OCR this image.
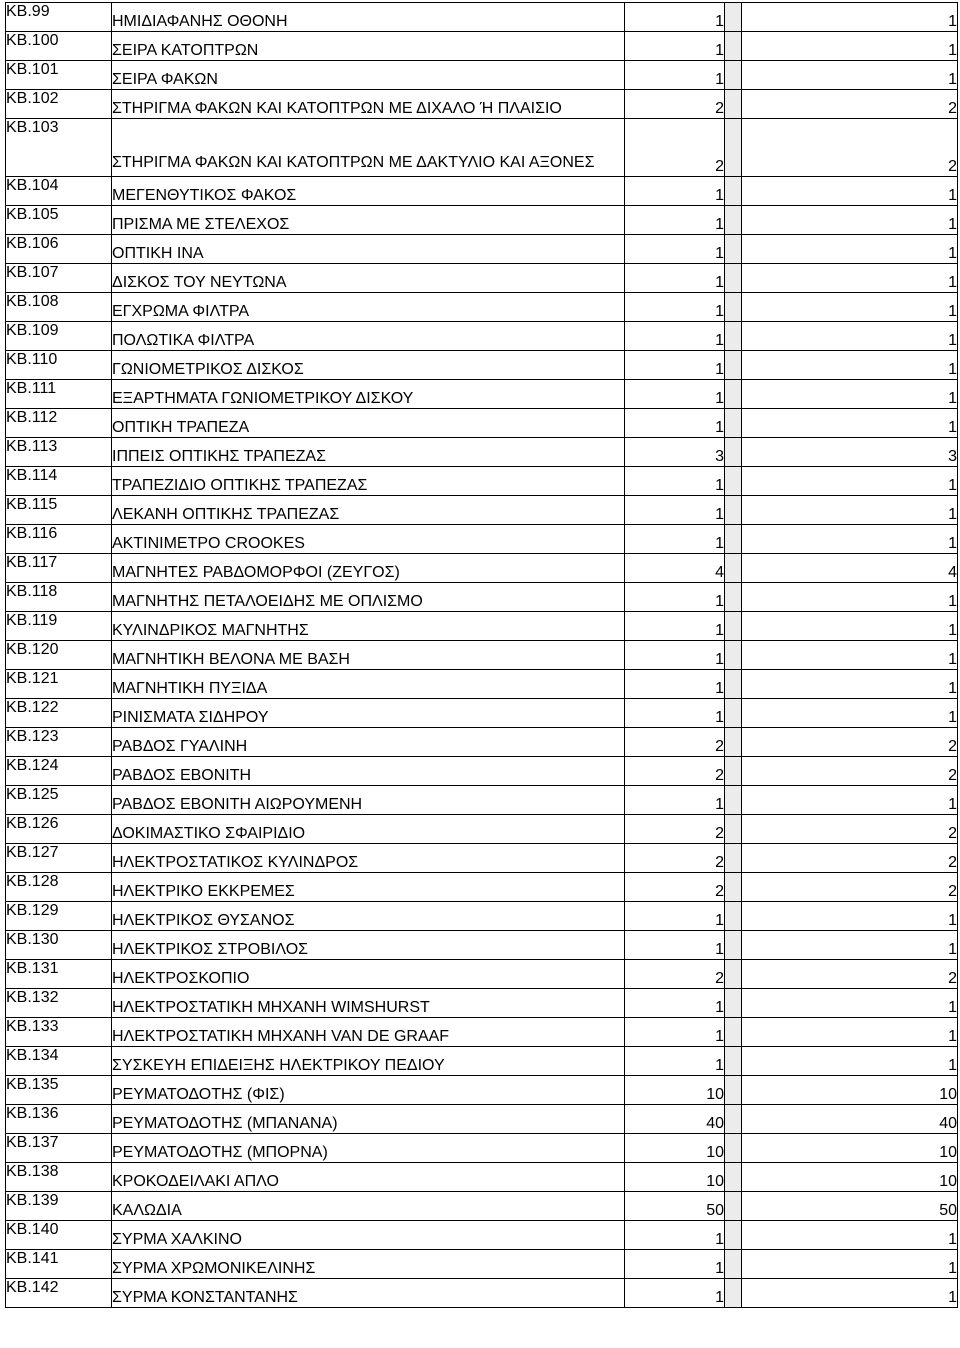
ΚΒ.99	ΗΜΙΔΙΑΦΑΝΗΣ ΟΘΟΝΗ	1		1
ΚΒ.100	ΣΕΙΡΑ ΚΑΤΟΠΤΡΩΝ	1		1
ΚΒ.101	ΣΕΙΡΑ ΦΑΚΩΝ	1		1
ΚΒ.102	ΣΤΗΡΙΓΜΑ ΦΑΚΩΝ ΚΑΙ ΚΑΤΟΠΤΡΩΝ ΜΕ ΔΙΧΑΛΟ Ή ΠΛΑΙΣΙΟ	2		2
ΚΒ.103	ΣΤΗΡΙΓΜΑ ΦΑΚΩΝ ΚΑΙ ΚΑΤΟΠΤΡΩΝ ΜΕ ΔΑΚΤΥΛΙΟ ΚΑΙ ΑΞΟΝΕΣ	2		2
ΚΒ.104	ΜΕΓΕΝΘΥΤΙΚΟΣ ΦΑΚΟΣ	1		1
ΚΒ.105	ΠΡΙΣΜΑ ΜΕ ΣΤΕΛΕΧΟΣ	1		1
ΚΒ.106	ΟΠΤΙΚΗ ΙΝΑ	1		1
ΚΒ.107	ΔΙΣΚΟΣ ΤΟΥ ΝΕΥΤΩΝΑ	1		1
ΚΒ.108	ΕΓΧΡΩΜΑ ΦΙΛΤΡΑ	1		1
ΚΒ.109	ΠΟΛΩΤΙΚΑ ΦΙΛΤΡΑ	1		1
ΚΒ.110	ΓΩΝΙΟΜΕΤΡΙΚΟΣ ΔΙΣΚΟΣ	1		1
ΚΒ.111	ΕΞΑΡΤΗΜΑΤΑ ΓΩΝΙΟΜΕΤΡΙΚΟΥ ΔΙΣΚΟΥ	1		1
ΚΒ.112	ΟΠΤΙΚΗ ΤΡΑΠΕΖΑ	1		1
ΚΒ.113	ΙΠΠΕΙΣ ΟΠΤΙΚΗΣ ΤΡΑΠΕΖΑΣ	3		3
ΚΒ.114	ΤΡΑΠΕΖΙΔΙΟ ΟΠΤΙΚΗΣ ΤΡΑΠΕΖΑΣ	1		1
ΚΒ.115	ΛΕΚΑΝΗ ΟΠΤΙΚΗΣ ΤΡΑΠΕΖΑΣ	1		1
ΚΒ.116	ΑΚΤΙΝΙΜΕΤΡΟ CROOKES	1		1
ΚΒ.117	ΜΑΓΝΗΤΕΣ ΡΑΒΔΟΜΟΡΦΟΙ (ΖΕΥΓΟΣ)	4		4
ΚΒ.118	ΜΑΓΝΗΤΗΣ ΠΕΤΑΛΟΕΙΔΗΣ ΜΕ ΟΠΛΙΣΜΟ	1		1
ΚΒ.119	ΚΥΛΙΝΔΡΙΚΟΣ ΜΑΓΝΗΤΗΣ	1		1
ΚΒ.120	ΜΑΓΝΗΤΙΚΗ ΒΕΛΟΝΑ ΜΕ ΒΑΣΗ	1		1
ΚΒ.121	ΜΑΓΝΗΤΙΚΗ ΠΥΞΙΔΑ	1		1
ΚΒ.122	ΡΙΝΙΣΜΑΤΑ ΣΙΔΗΡΟΥ	1		1
ΚΒ.123	ΡΑΒΔΟΣ ΓΥΑΛΙΝΗ	2		2
ΚΒ.124	ΡΑΒΔΟΣ ΕΒΟΝΙΤΗ	2		2
ΚΒ.125	ΡΑΒΔΟΣ ΕΒΟΝΙΤΗ ΑΙΩΡΟΥΜΕΝΗ	1		1
ΚΒ.126	ΔΟΚΙΜΑΣΤΙΚΟ ΣΦΑΙΡΙΔΙΟ	2		2
ΚΒ.127	ΗΛΕΚΤΡΟΣΤΑΤΙΚΟΣ ΚΥΛΙΝΔΡΟΣ	2		2
ΚΒ.128	ΗΛΕΚΤΡΙΚΟ ΕΚΚΡΕΜΕΣ	2		2
ΚΒ.129	ΗΛΕΚΤΡΙΚΟΣ ΘΥΣΑΝΟΣ	1		1
ΚΒ.130	ΗΛΕΚΤΡΙΚΟΣ ΣΤΡΟΒΙΛΟΣ	1		1
ΚΒ.131	ΗΛΕΚΤΡΟΣΚΟΠΙΟ	2		2
ΚΒ.132	ΗΛΕΚΤΡΟΣΤΑΤΙΚΗ ΜΗΧΑΝΗ WIMSHURST	1		1
ΚΒ.133	ΗΛΕΚΤΡΟΣΤΑΤΙΚΗ ΜΗΧΑΝΗ VAN DE GRAAF	1		1
ΚΒ.134	ΣΥΣΚΕΥΗ ΕΠΙΔΕΙΞΗΣ ΗΛΕΚΤΡΙΚΟΥ ΠΕΔΙΟΥ	1		1
ΚΒ.135	ΡΕΥΜΑΤΟΔΟΤΗΣ (ΦΙΣ)	10		10
ΚΒ.136	ΡΕΥΜΑΤΟΔΟΤΗΣ (ΜΠΑΝΑΝΑ)	40		40
ΚΒ.137	ΡΕΥΜΑΤΟΔΟΤΗΣ (ΜΠΟΡΝΑ)	10		10
ΚΒ.138	ΚΡΟΚΟΔΕΙΛΑΚΙ ΑΠΛΟ	10		10
ΚΒ.139	ΚΑΛΩΔΙΑ	50		50
ΚΒ.140	ΣΥΡΜΑ ΧΑΛΚΙΝΟ	1		1
ΚΒ.141	ΣΥΡΜΑ ΧΡΩΜΟΝΙΚΕΛΙΝΗΣ	1		1
ΚΒ.142	ΣΥΡΜΑ ΚΟΝΣΤΑΝΤΑΝΗΣ	1		1
